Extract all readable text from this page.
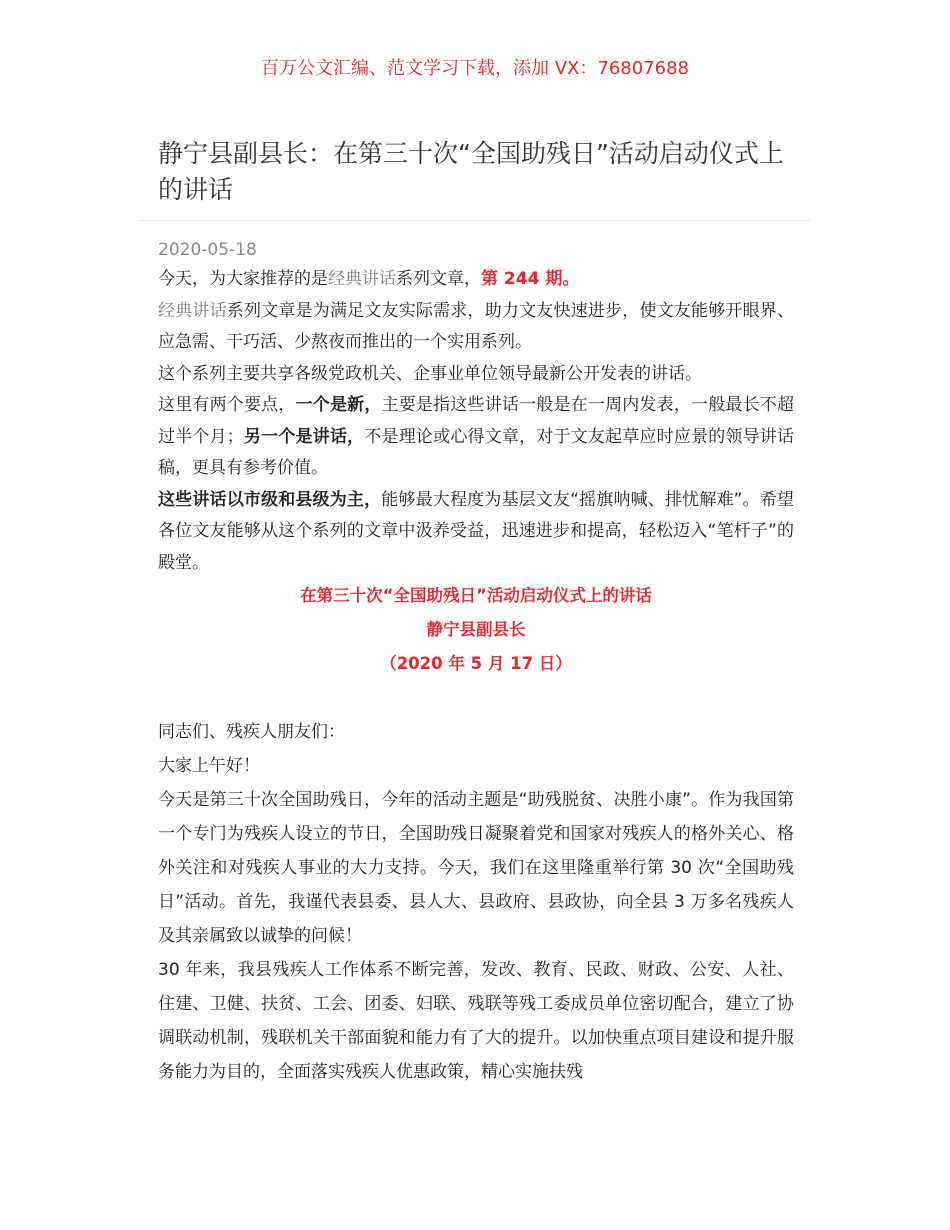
百万公文汇编、范文学习下载，添加 VX：76807688
静宁县副县长：在第三十次“全国助残日”活动启动仪式上的讲话
2020-05-18

今天，为大家推荐的是经典讲话系列文章，第 244 期。

经典讲话系列文章是为满足文友实际需求，助力文友快速进步，使文友能够开眼界、应急需、干巧活、少熬夜而推出的一个实用系列。

这个系列主要共享各级党政机关、企事业单位领导最新公开发表的讲话。

这里有两个要点，一个是新，主要是指这些讲话一般是在一周内发表，一般最长不超过半个月；另一个是讲话，不是理论或心得文章，对于文友起草应时应景的领导讲话稿，更具有参考价值。

这些讲话以市级和县级为主，能够最大程度为基层文友“摇旗呐喊、排忧解难”。希望各位文友能够从这个系列的文章中汲养受益，迅速进步和提高，轻松迈入“笔杆子”的殿堂。

在第三十次“全国助残日”活动启动仪式上的讲话

静宁县副县长

（2020 年 5 月 17 日）

同志们、残疾人朋友们：

大家上午好！

今天是第三十次全国助残日，今年的活动主题是“助残脱贫、决胜小康”。作为我国第一个专门为残疾人设立的节日，全国助残日凝聚着党和国家对残疾人的格外关心、格外关注和对残疾人事业的大力支持。今天，我们在这里隆重举行第 30 次“全国助残日”活动。首先，我谨代表县委、县人大、县政府、县政协，向全县 3 万多名残疾人及其亲属致以诚挚的问候！

30 年来，我县残疾人工作体系不断完善，发改、教育、民政、财政、公安、人社、住建、卫健、扶贫、工会、团委、妇联、残联等残工委成员单位密切配合，建立了协调联动机制，残联机关干部面貌和能力有了大的提升。以加快重点项目建设和提升服务能力为目的，全面落实残疾人优惠政策，精心实施扶残
